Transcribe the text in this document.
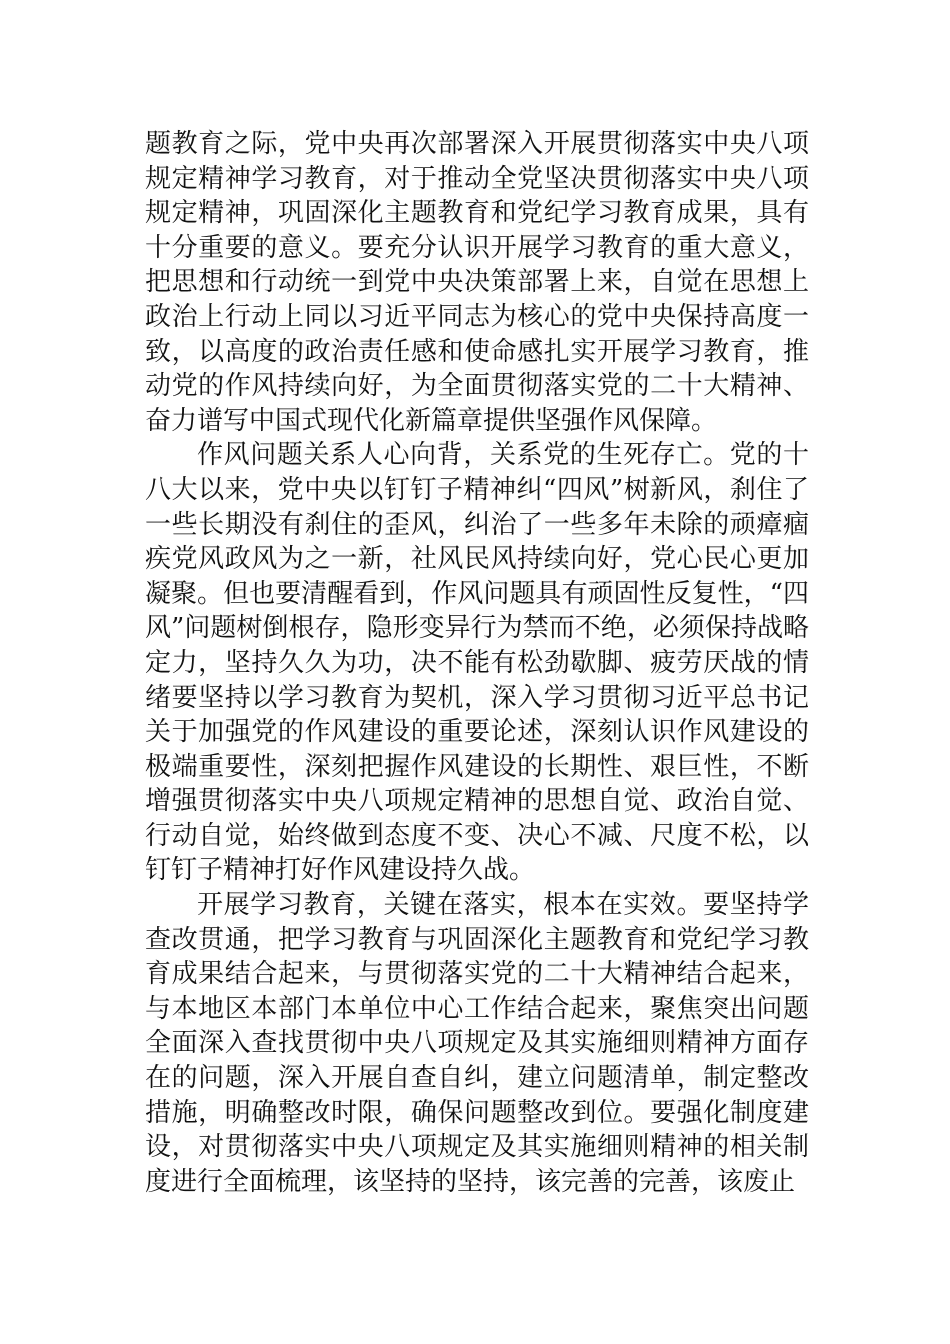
题教育之际，党中央再次部署深入开展贯彻落实中央八项规定精神学习教育，对于推动全党坚决贯彻落实中央八项规定精神，巩固深化主题教育和党纪学习教育成果，具有十分重要的意义。要充分认识开展学习教育的重大意义，把思想和行动统一到党中央决策部署上来，自觉在思想上政治上行动上同以习近平同志为核心的党中央保持高度一致，以高度的政治责任感和使命感扎实开展学习教育，推动党的作风持续向好，为全面贯彻落实党的二十大精神、奋力谱写中国式现代化新篇章提供坚强作风保障。

作风问题关系人心向背，关系党的生死存亡。党的十八大以来，党中央以钉钉子精神纠“四风”树新风，刹住了一些长期没有刹住的歪风，纠治了一些多年未除的顽瘴痼疾党风政风为之一新，社风民风持续向好，党心民心更加凝聚。但也要清醒看到，作风问题具有顽固性反复性，“四风”问题树倒根存，隐形变异行为禁而不绝，必须保持战略定力，坚持久久为功，决不能有松劲歇脚、疲劳厌战的情绪要坚持以学习教育为契机，深入学习贯彻习近平总书记关于加强党的作风建设的重要论述，深刻认识作风建设的极端重要性，深刻把握作风建设的长期性、艰巨性，不断增强贯彻落实中央八项规定精神的思想自觉、政治自觉、行动自觉，始终做到态度不变、决心不减、尺度不松，以钉钉子精神打好作风建设持久战。

开展学习教育，关键在落实，根本在实效。要坚持学查改贯通，把学习教育与巩固深化主题教育和党纪学习教育成果结合起来，与贯彻落实党的二十大精神结合起来，与本地区本部门本单位中心工作结合起来，聚焦突出问题全面深入查找贯彻中央八项规定及其实施细则精神方面存在的问题，深入开展自查自纠，建立问题清单，制定整改措施，明确整改时限，确保问题整改到位。要强化制度建设，对贯彻落实中央八项规定及其实施细则精神的相关制度进行全面梳理，该坚持的坚持，该完善的完善，该废止
